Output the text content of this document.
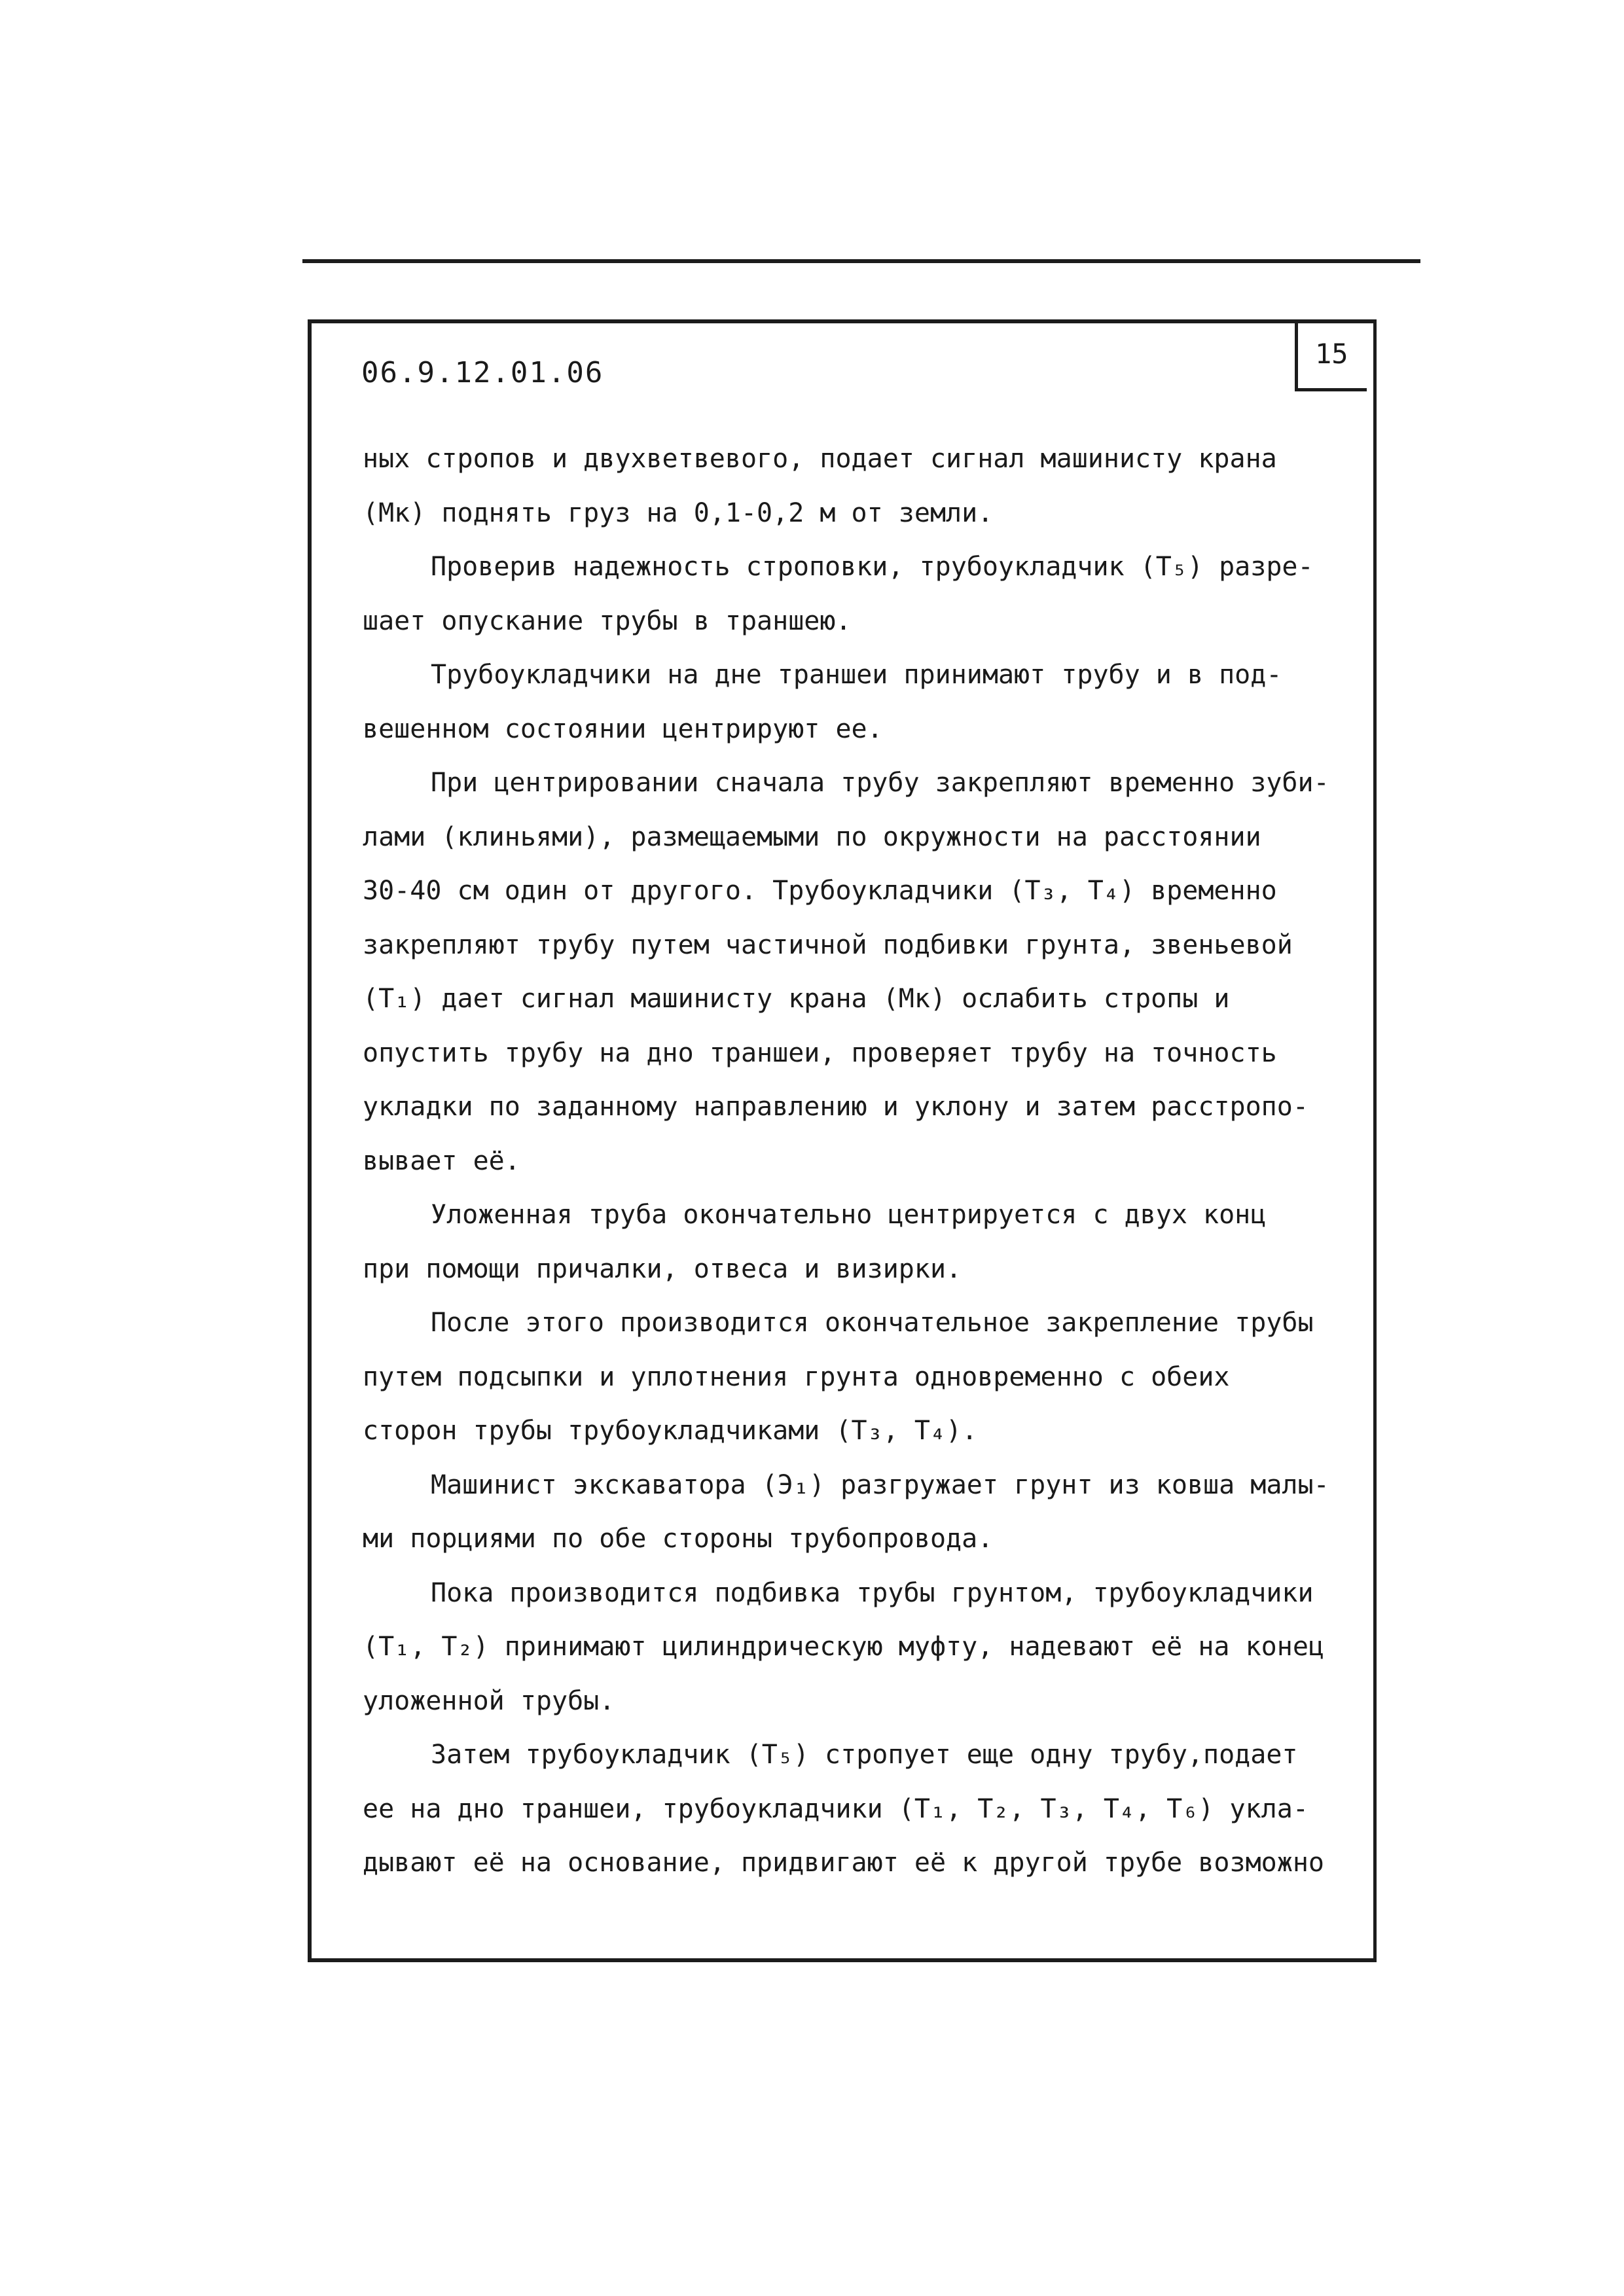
06.9.12.01.06
15
ных стропов и двухветвевого, подает сигнал машинисту крана
(Мк) поднять груз на 0,1-0,2 м от земли.
Проверив надежность строповки, трубоукладчик (Т₅) разре-
шает опускание трубы в траншею.
Трубоукладчики на дне траншеи принимают трубу и в под-
вешенном состоянии центрируют ее.
При центрировании сначала трубу закрепляют временно зуби-
лами (клиньями), размещаемыми по окружности на расстоянии
30-40 см один от другого. Трубоукладчики (Т₃, Т₄) временно
закрепляют трубу путем частичной подбивки грунта, звеньевой
(Т₁) дает сигнал машинисту крана (Мк) ослабить стропы и
опустить трубу на дно траншеи, проверяет трубу на точность
укладки по заданному направлению и уклону и затем расстропо-
вывает её.
Уложенная труба окончательно центрируется с двух конц
при помощи причалки, отвеса и визирки.
После этого производится окончательное закрепление трубы
путем подсыпки и уплотнения грунта одновременно с обеих
сторон трубы трубоукладчиками (Т₃, Т₄).
Машинист экскаватора (Э₁) разгружает грунт из ковша малы-
ми порциями по обе стороны трубопровода.
Пока производится подбивка трубы грунтом, трубоукладчики
(Т₁, Т₂) принимают цилиндрическую муфту, надевают её на конец
уложенной трубы.
Затем трубоукладчик (Т₅) стропует еще одну трубу,подает
ее на дно траншеи, трубоукладчики (Т₁, Т₂, Т₃, Т₄, Т₆) укла-
дывают её на основание, придвигают её к другой трубе возможно
